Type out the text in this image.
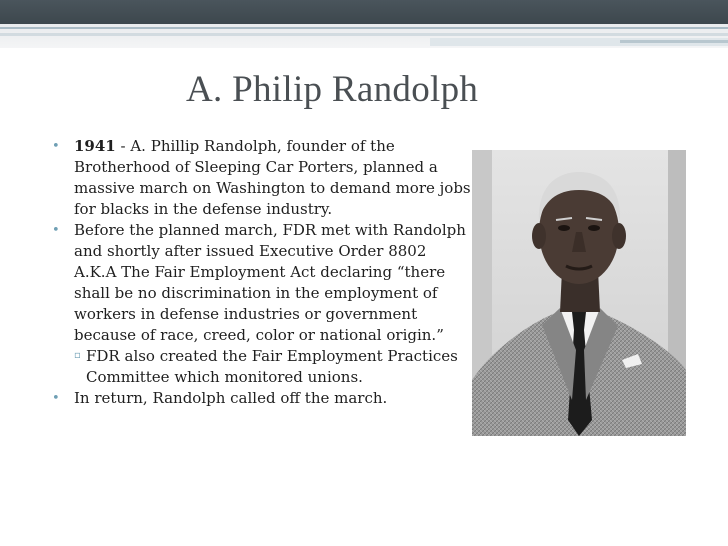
A. Philip Randolph
• 1941 - A. Phillip Randolph, founder of the Brotherhood of Sleeping Car Porters, planned a massive march on Washington to demand more jobs for blacks in the defense industry.
• Before the planned march, FDR met with Randolph and shortly after issued Executive Order 8802 A.K.A The Fair Employment Act declaring “there shall be no discrimination in the employment of workers in defense industries or government because of race, creed, color or national origin.”
▫ FDR also created the Fair Employment Practices Committee which monitored unions.
• In return, Randolph called off the march.
